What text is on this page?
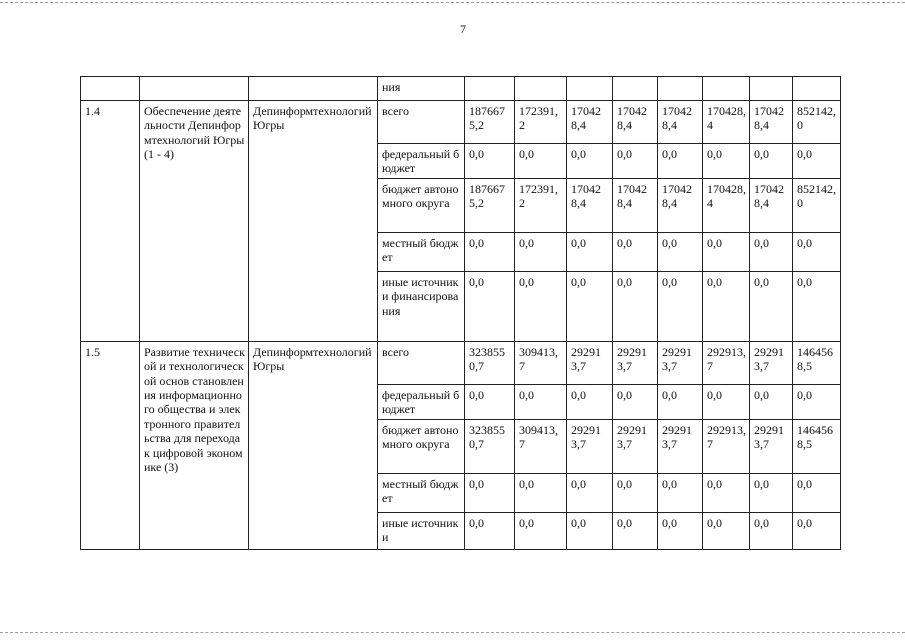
7
			ния								
1.4	Обеспечение деятельности Депинформтехнологий Югры (1 - 4)	Депинформтехнологий Югры	всего	1876675,2	172391,2	170428,4	170428,4	170428,4	170428,4	170428,4	852142,0
			федеральный бюджет	0,0	0,0	0,0	0,0	0,0	0,0	0,0	0,0
			бюджет автономного округа	1876675,2	172391,2	170428,4	170428,4	170428,4	170428,4	170428,4	852142,0
			местный бюджет	0,0	0,0	0,0	0,0	0,0	0,0	0,0	0,0
			иные источники финансирования	0,0	0,0	0,0	0,0	0,0	0,0	0,0	0,0
1.5	Развитие технической и технологической основ становления информационного общества и электронного правительства для перехода к цифровой экономике (3)	Депинформтехнологий Югры	всего	3238550,7	309413,7	292913,7	292913,7	292913,7	292913,7	292913,7	1464568,5
			федеральный бюджет	0,0	0,0	0,0	0,0	0,0	0,0	0,0	0,0
			бюджет автономного округа	3238550,7	309413,7	292913,7	292913,7	292913,7	292913,7	292913,7	1464568,5
			местный бюджет	0,0	0,0	0,0	0,0	0,0	0,0	0,0	0,0
			иные источники	0,0	0,0	0,0	0,0	0,0	0,0	0,0	0,0
